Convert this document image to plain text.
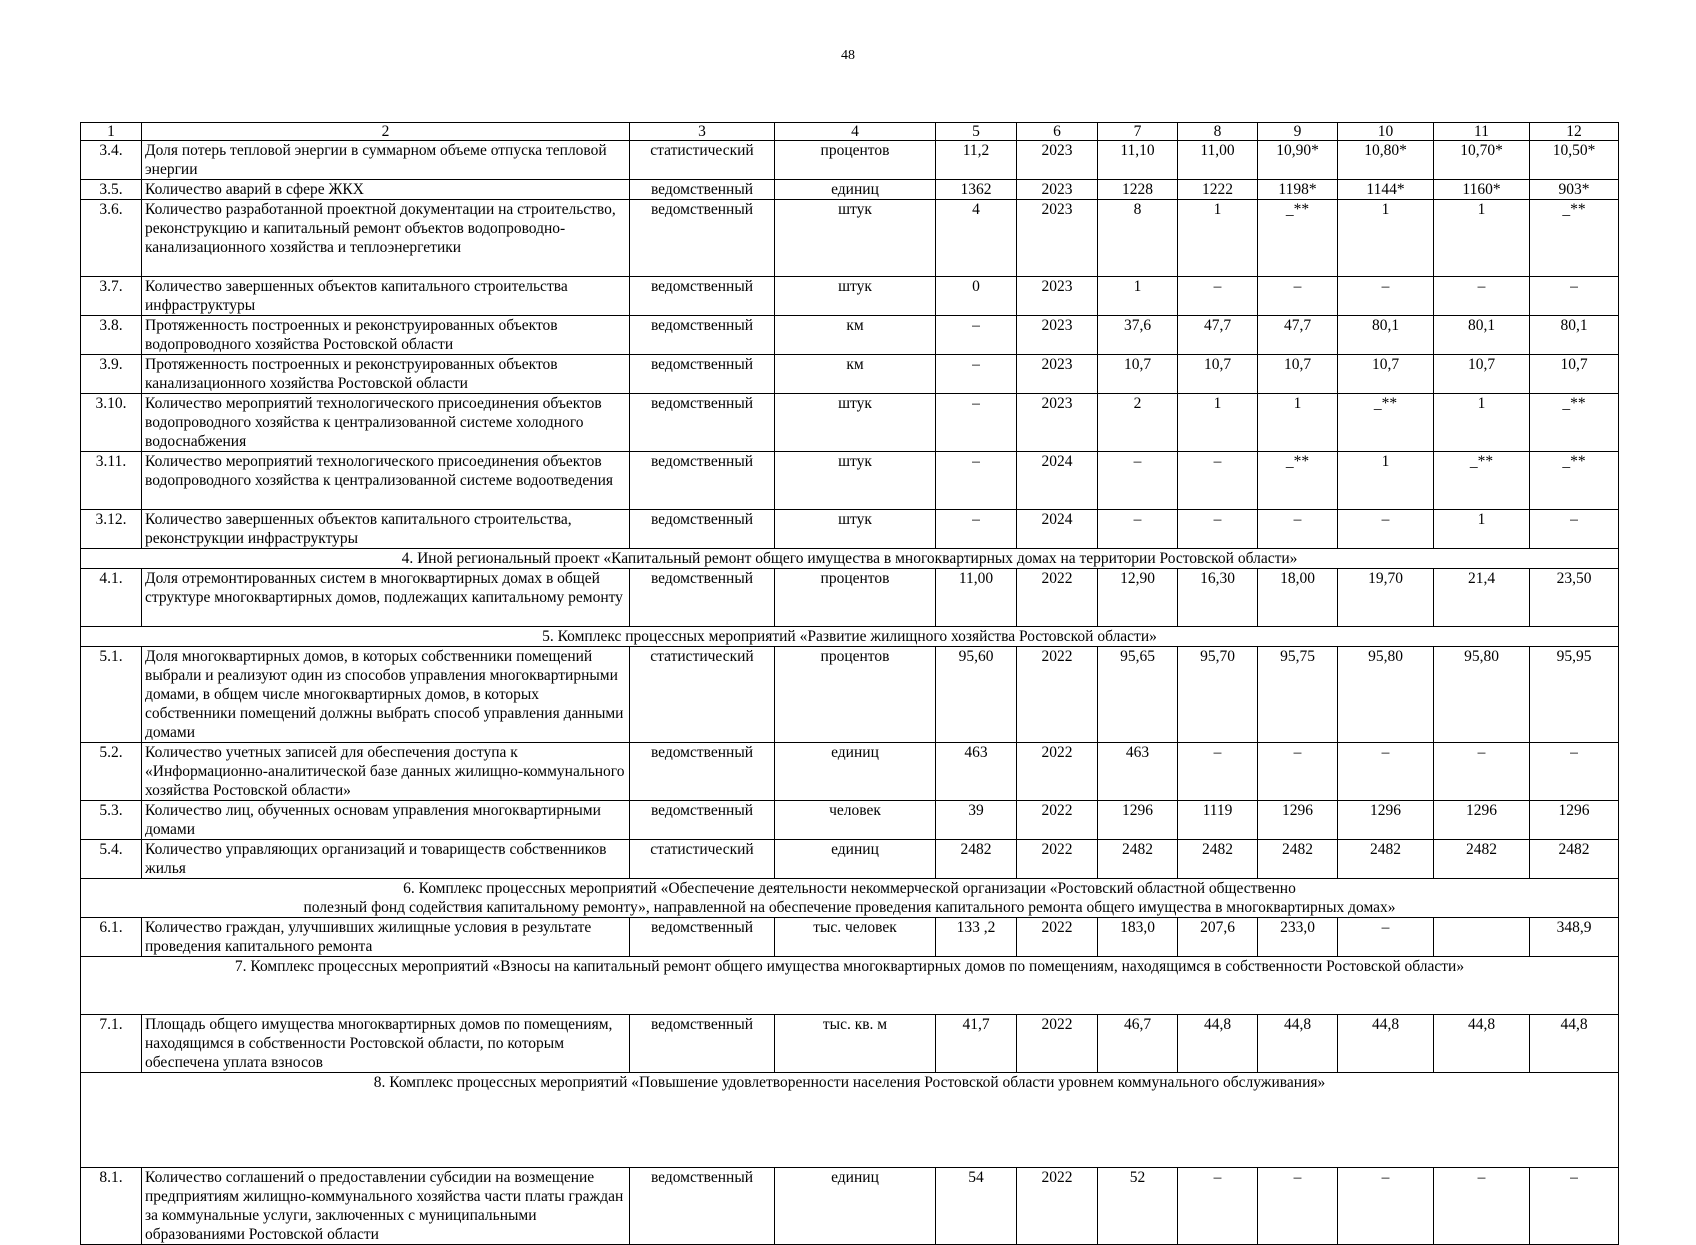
48
1	2	3	4	5	6	7	8	9	10	11	12
3.4.	Доля потерь тепловой энергии в суммарном объеме отпуска тепловой энергии	статистический	процентов	11,2	2023	11,10	11,00	10,90*	10,80*	10,70*	10,50*
3.5.	Количество аварий в сфере ЖКХ	ведомственный	единиц	1362	2023	1228	1222	1198*	1144*	1160*	903*
3.6.	Количество разработанной проектной документации на строительство, реконструкцию и капитальный ремонт объектов водопроводно-канализационного хозяйства и теплоэнергетики	ведомственный	штук	4	2023	8	1	_**	1	1	_**
3.7.	Количество завершенных объектов капитального строительства инфраструктуры	ведомственный	штук	0	2023	1	–	–	–	–	–
3.8.	Протяженность построенных и реконструированных объектов водопроводного хозяйства Ростовской области	ведомственный	км	–	2023	37,6	47,7	47,7	80,1	80,1	80,1
3.9.	Протяженность построенных и реконструированных объектов канализационного хозяйства Ростовской области	ведомственный	км	–	2023	10,7	10,7	10,7	10,7	10,7	10,7
3.10.	Количество мероприятий технологического присоединения объектов водопроводного хозяйства к централизованной системе холодного водоснабжения	ведомственный	штук	–	2023	2	1	1	_**	1	_**
3.11.	Количество мероприятий технологического присоединения объектов водопроводного хозяйства к централизованной системе водоотведения	ведомственный	штук	–	2024	–	–	_**	1	_**	_**
3.12.	Количество завершенных объектов капитального строительства, реконструкции инфраструктуры	ведомственный	штук	–	2024	–	–	–	–	1	–

4. Иной региональный проект «Капитальный ремонт общего имущества в многоквартирных домах на территории Ростовской области»											

4.1.	Доля отремонтированных систем в многоквартирных домах в общей структуре многоквартирных домов, подлежащих капитальному ремонту	ведомственный	процентов	11,00	2022	12,90	16,30	18,00	19,70	21,4	23,50

5. Комплекс процессных мероприятий «Развитие жилищного хозяйства Ростовской области»											

5.1.	Доля многоквартирных домов, в которых собственники помещений выбрали и реализуют один из способов управления многоквартирными домами, в общем числе многоквартирных домов, в которых собственники помещений должны выбрать способ управления данными домами	статистический	процентов	95,60	2022	95,65	95,70	95,75	95,80	95,80	95,95
5.2.	Количество учетных записей для обеспечения доступа к «Информационно-аналитической базе данных жилищно-коммунального хозяйства Ростовской области»	ведомственный	единиц	463	2022	463	–	–	–	–	–
5.3.	Количество лиц, обученных основам управления многоквартирными домами	ведомственный	человек	39	2022	1296	1119	1296	1296	1296	1296
5.4.	Количество управляющих организаций и товариществ собственников жилья	статистический	единиц	2482	2022	2482	2482	2482	2482	2482	2482

6. Комплекс процессных мероприятий «Обеспечение деятельности некоммерческой организации «Ростовский областной общественно
полезный фонд содействия капитальному ремонту», направленной на обеспечение проведения капитального ремонта общего имущества в многоквартирных домах»											

6.1.	Количество граждан, улучшивших жилищные условия в результате проведения капитального ремонта	ведомственный	тыс. человек	133 ,2	2022	183,0	207,6	233,0	–		348,9

7. Комплекс процессных мероприятий «Взносы на капитальный ремонт общего имущества многоквартирных домов по помещениям, находящимся в собственности Ростовской области»											

7.1.	Площадь общего имущества многоквартирных домов по помещениям, находящимся в собственности Ростовской области, по которым обеспечена уплата взносов	ведомственный	тыс. кв. м	41,7	2022	46,7	44,8	44,8	44,8	44,8	44,8

8. Комплекс процессных мероприятий «Повышение удовлетворенности населения Ростовской области уровнем коммунального обслуживания»											

8.1.	Количество соглашений о предоставлении субсидии на возмещение предприятиям жилищно-коммунального хозяйства части платы граждан за коммунальные услуги, заключенных с муниципальными образованиями Ростовской области	ведомственный	единиц	54	2022	52	–	–	–	–	–
